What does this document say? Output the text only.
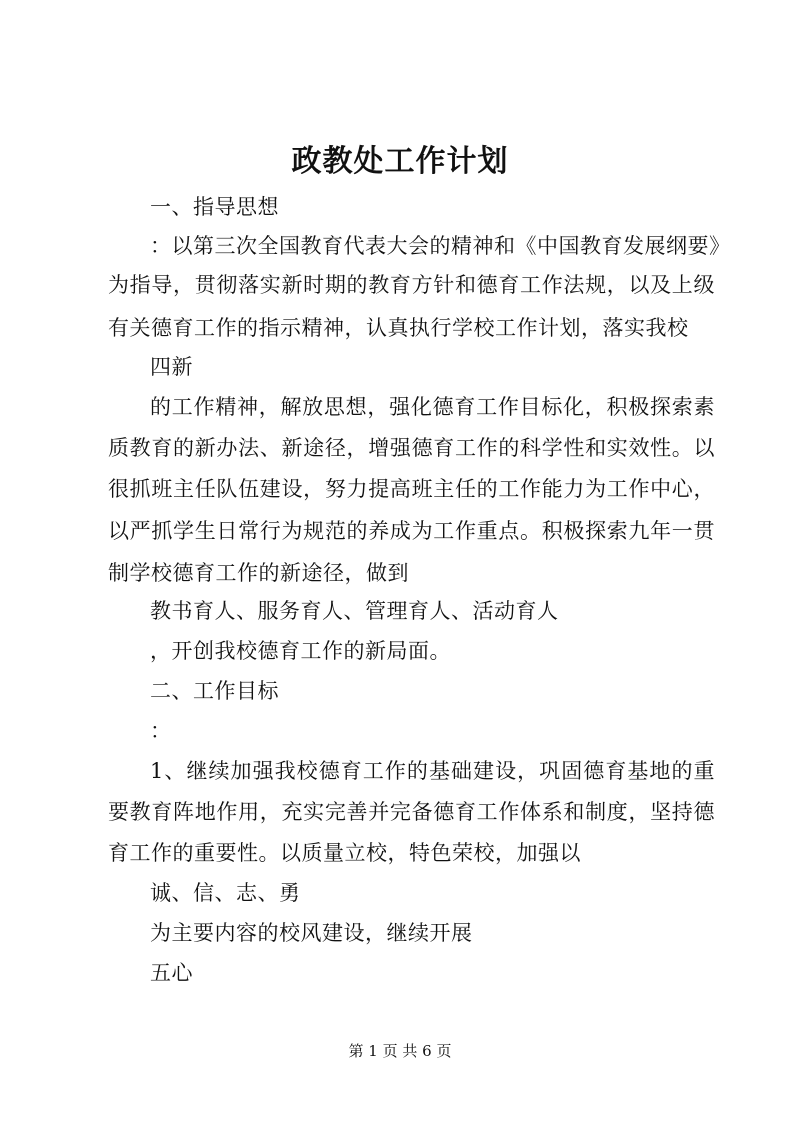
政教处工作计划
一、指导思想
：以第三次全国教育代表大会的精神和《中国教育发展纲要》
为指导，贯彻落实新时期的教育方针和德育工作法规，以及上级
有关德育工作的指示精神，认真执行学校工作计划，落实我校
四新
的工作精神，解放思想，强化德育工作目标化，积极探索素
质教育的新办法、新途径，增强德育工作的科学性和实效性。以
很抓班主任队伍建设，努力提高班主任的工作能力为工作中心，
以严抓学生日常行为规范的养成为工作重点。积极探索九年一贯
制学校德育工作的新途径，做到
教书育人、服务育人、管理育人、活动育人
，开创我校德育工作的新局面。
二、工作目标
：
1、继续加强我校德育工作的基础建设，巩固德育基地的重
要教育阵地作用，充实完善并完备德育工作体系和制度，坚持德
育工作的重要性。以质量立校，特色荣校，加强以
诚、信、志、勇
为主要内容的校风建设，继续开展
五心
第 1 页 共 6 页
